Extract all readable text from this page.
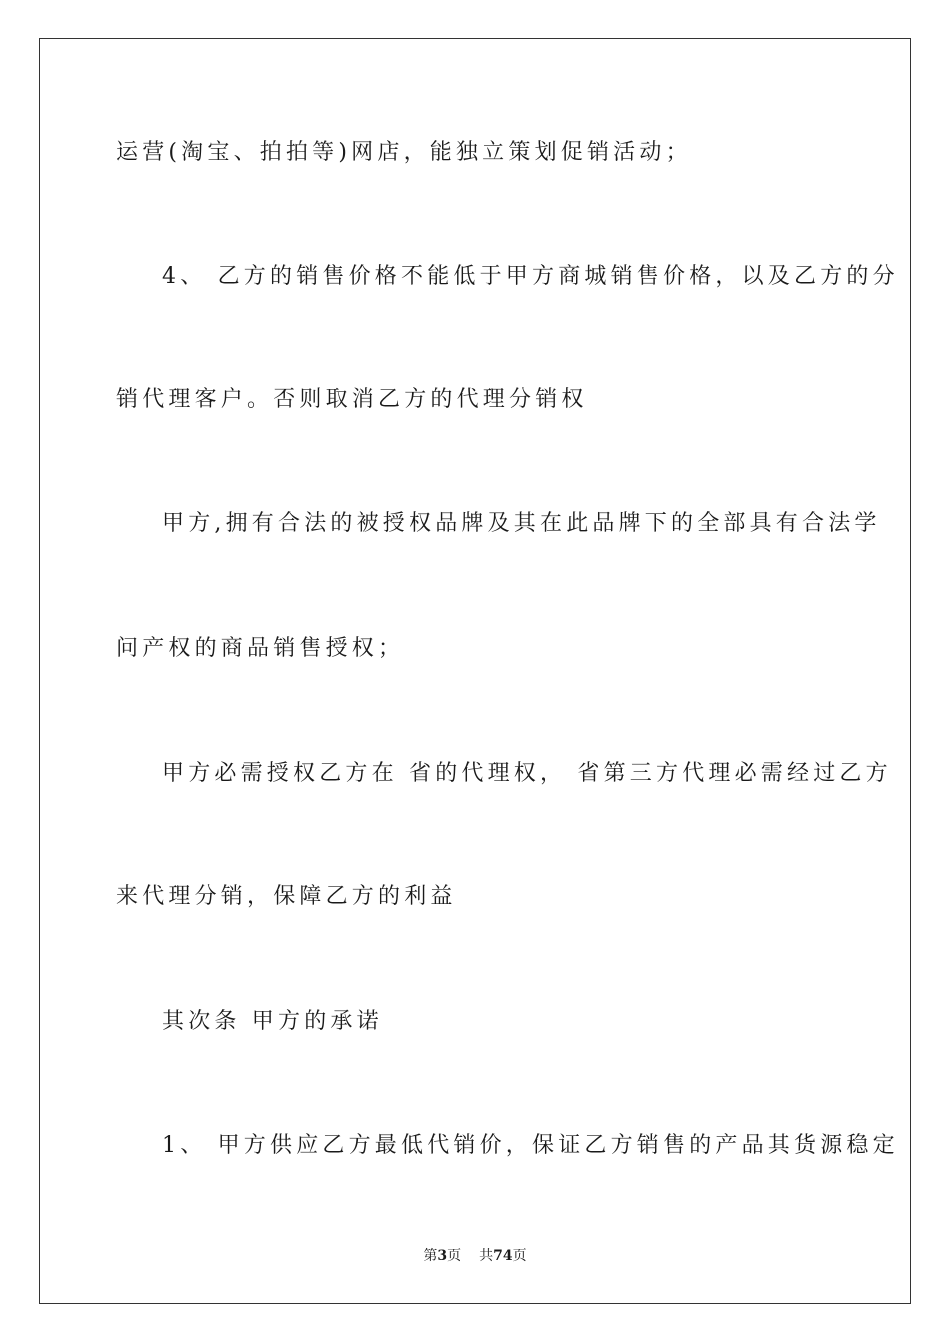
运营(淘宝、拍拍等)网店，能独立策划促销活动；
4、 乙方的销售价格不能低于甲方商城销售价格，以及乙方的分
销代理客户。否则取消乙方的代理分销权
甲方,拥有合法的被授权品牌及其在此品牌下的全部具有合法学
问产权的商品销售授权；
甲方必需授权乙方在 省的代理权， 省第三方代理必需经过乙方
来代理分销，保障乙方的利益
其次条 甲方的承诺
1、 甲方供应乙方最低代销价，保证乙方销售的产品其货源稳定
第3页 共74页
